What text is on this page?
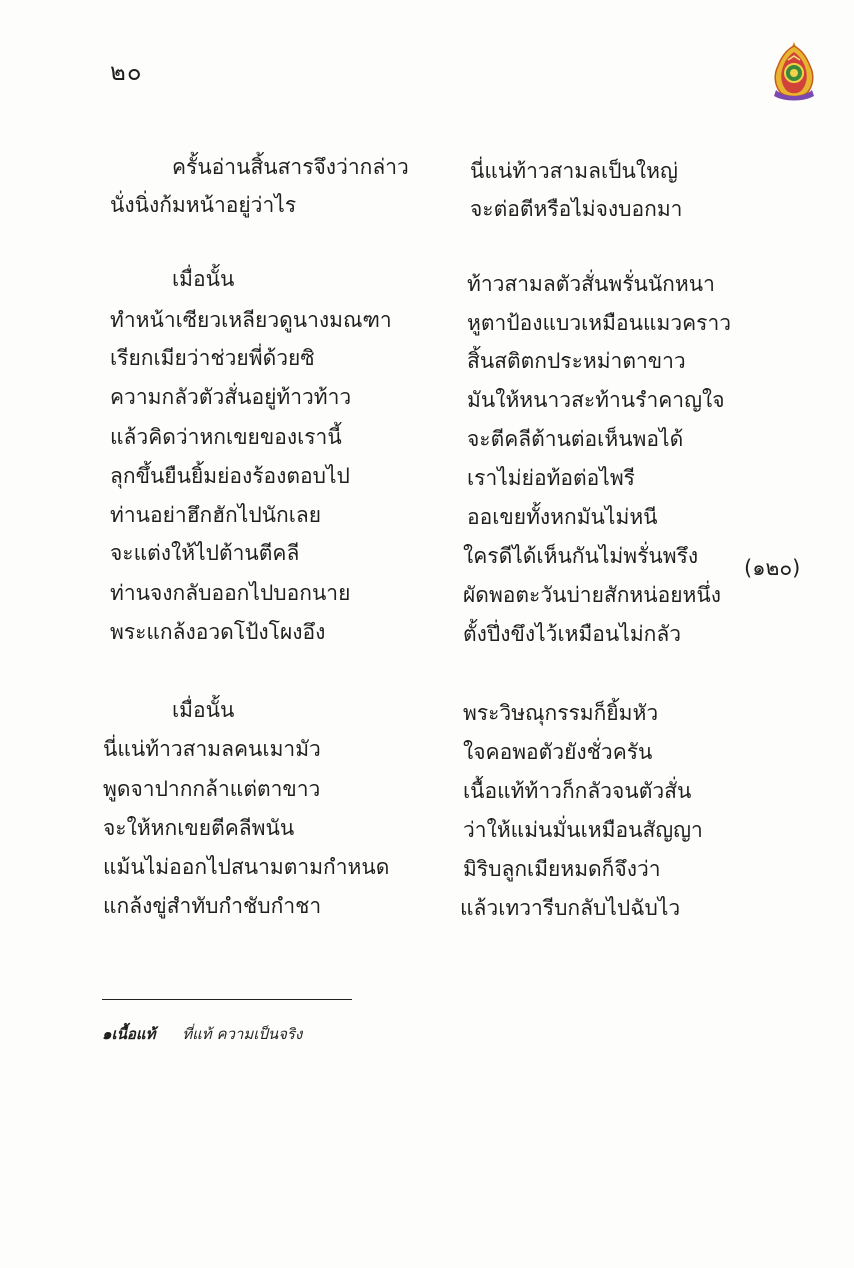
๒๐
ครั้นอ่านสิ้นสารจึงว่ากล่าว
นั่งนิ่งก้มหน้าอยู่ว่าไร
เมื่อนั้น
ทำหน้าเซียวเหลียวดูนางมณฑา
เรียกเมียว่าช่วยพี่ด้วยซิ
ความกลัวตัวสั่นอยู่ท้าวท้าว
แล้วคิดว่าหกเขยของเรานี้
ลุกขึ้นยืนยิ้มย่องร้องตอบไป
ท่านอย่าฮึกฮักไปนักเลย
จะแต่งให้ไปต้านตีคลี
ท่านจงกลับออกไปบอกนาย
พระแกล้งอวดโป้งโผงอึง
เมื่อนั้น
นี่แน่ท้าวสามลคนเมามัว
พูดจาปากกล้าแต่ตาขาว
จะให้หกเขยตีคลีพนัน
แม้นไม่ออกไปสนามตามกำหนด
แกล้งขู่สำทับกำชับกำชา
นี่แน่ท้าวสามลเป็นใหญ่
จะต่อตีหรือไม่จงบอกมา
ท้าวสามลตัวสั่นพรั่นนักหนา
หูตาป้องแบวเหมือนแมวคราว
สิ้นสติตกประหม่าตาขาว
มันให้หนาวสะท้านรำคาญใจ
จะตีคลีต้านต่อเห็นพอได้
เราไม่ย่อท้อต่อไพรี
ออเขยทั้งหกมันไม่หนี
ใครดีได้เห็นกันไม่พรั่นพรึง
ผัดพอตะวันบ่ายสักหน่อยหนึ่ง
ตั้งปึ่งขึงไว้เหมือนไม่กลัว
พระวิษณุกรรมก็ยิ้มหัว
ใจคอพอตัวยังชั่วครัน
เนื้อแท้ท้าวก็กลัวจนตัวสั่น
ว่าให้แม่นมั่นเหมือนสัญญา
มิริบลูกเมียหมดก็จึงว่า
แล้วเทวารีบกลับไปฉับไว
(๑๒๐)
๑เนื้อแท้ ที่แท้ ความเป็นจริง
